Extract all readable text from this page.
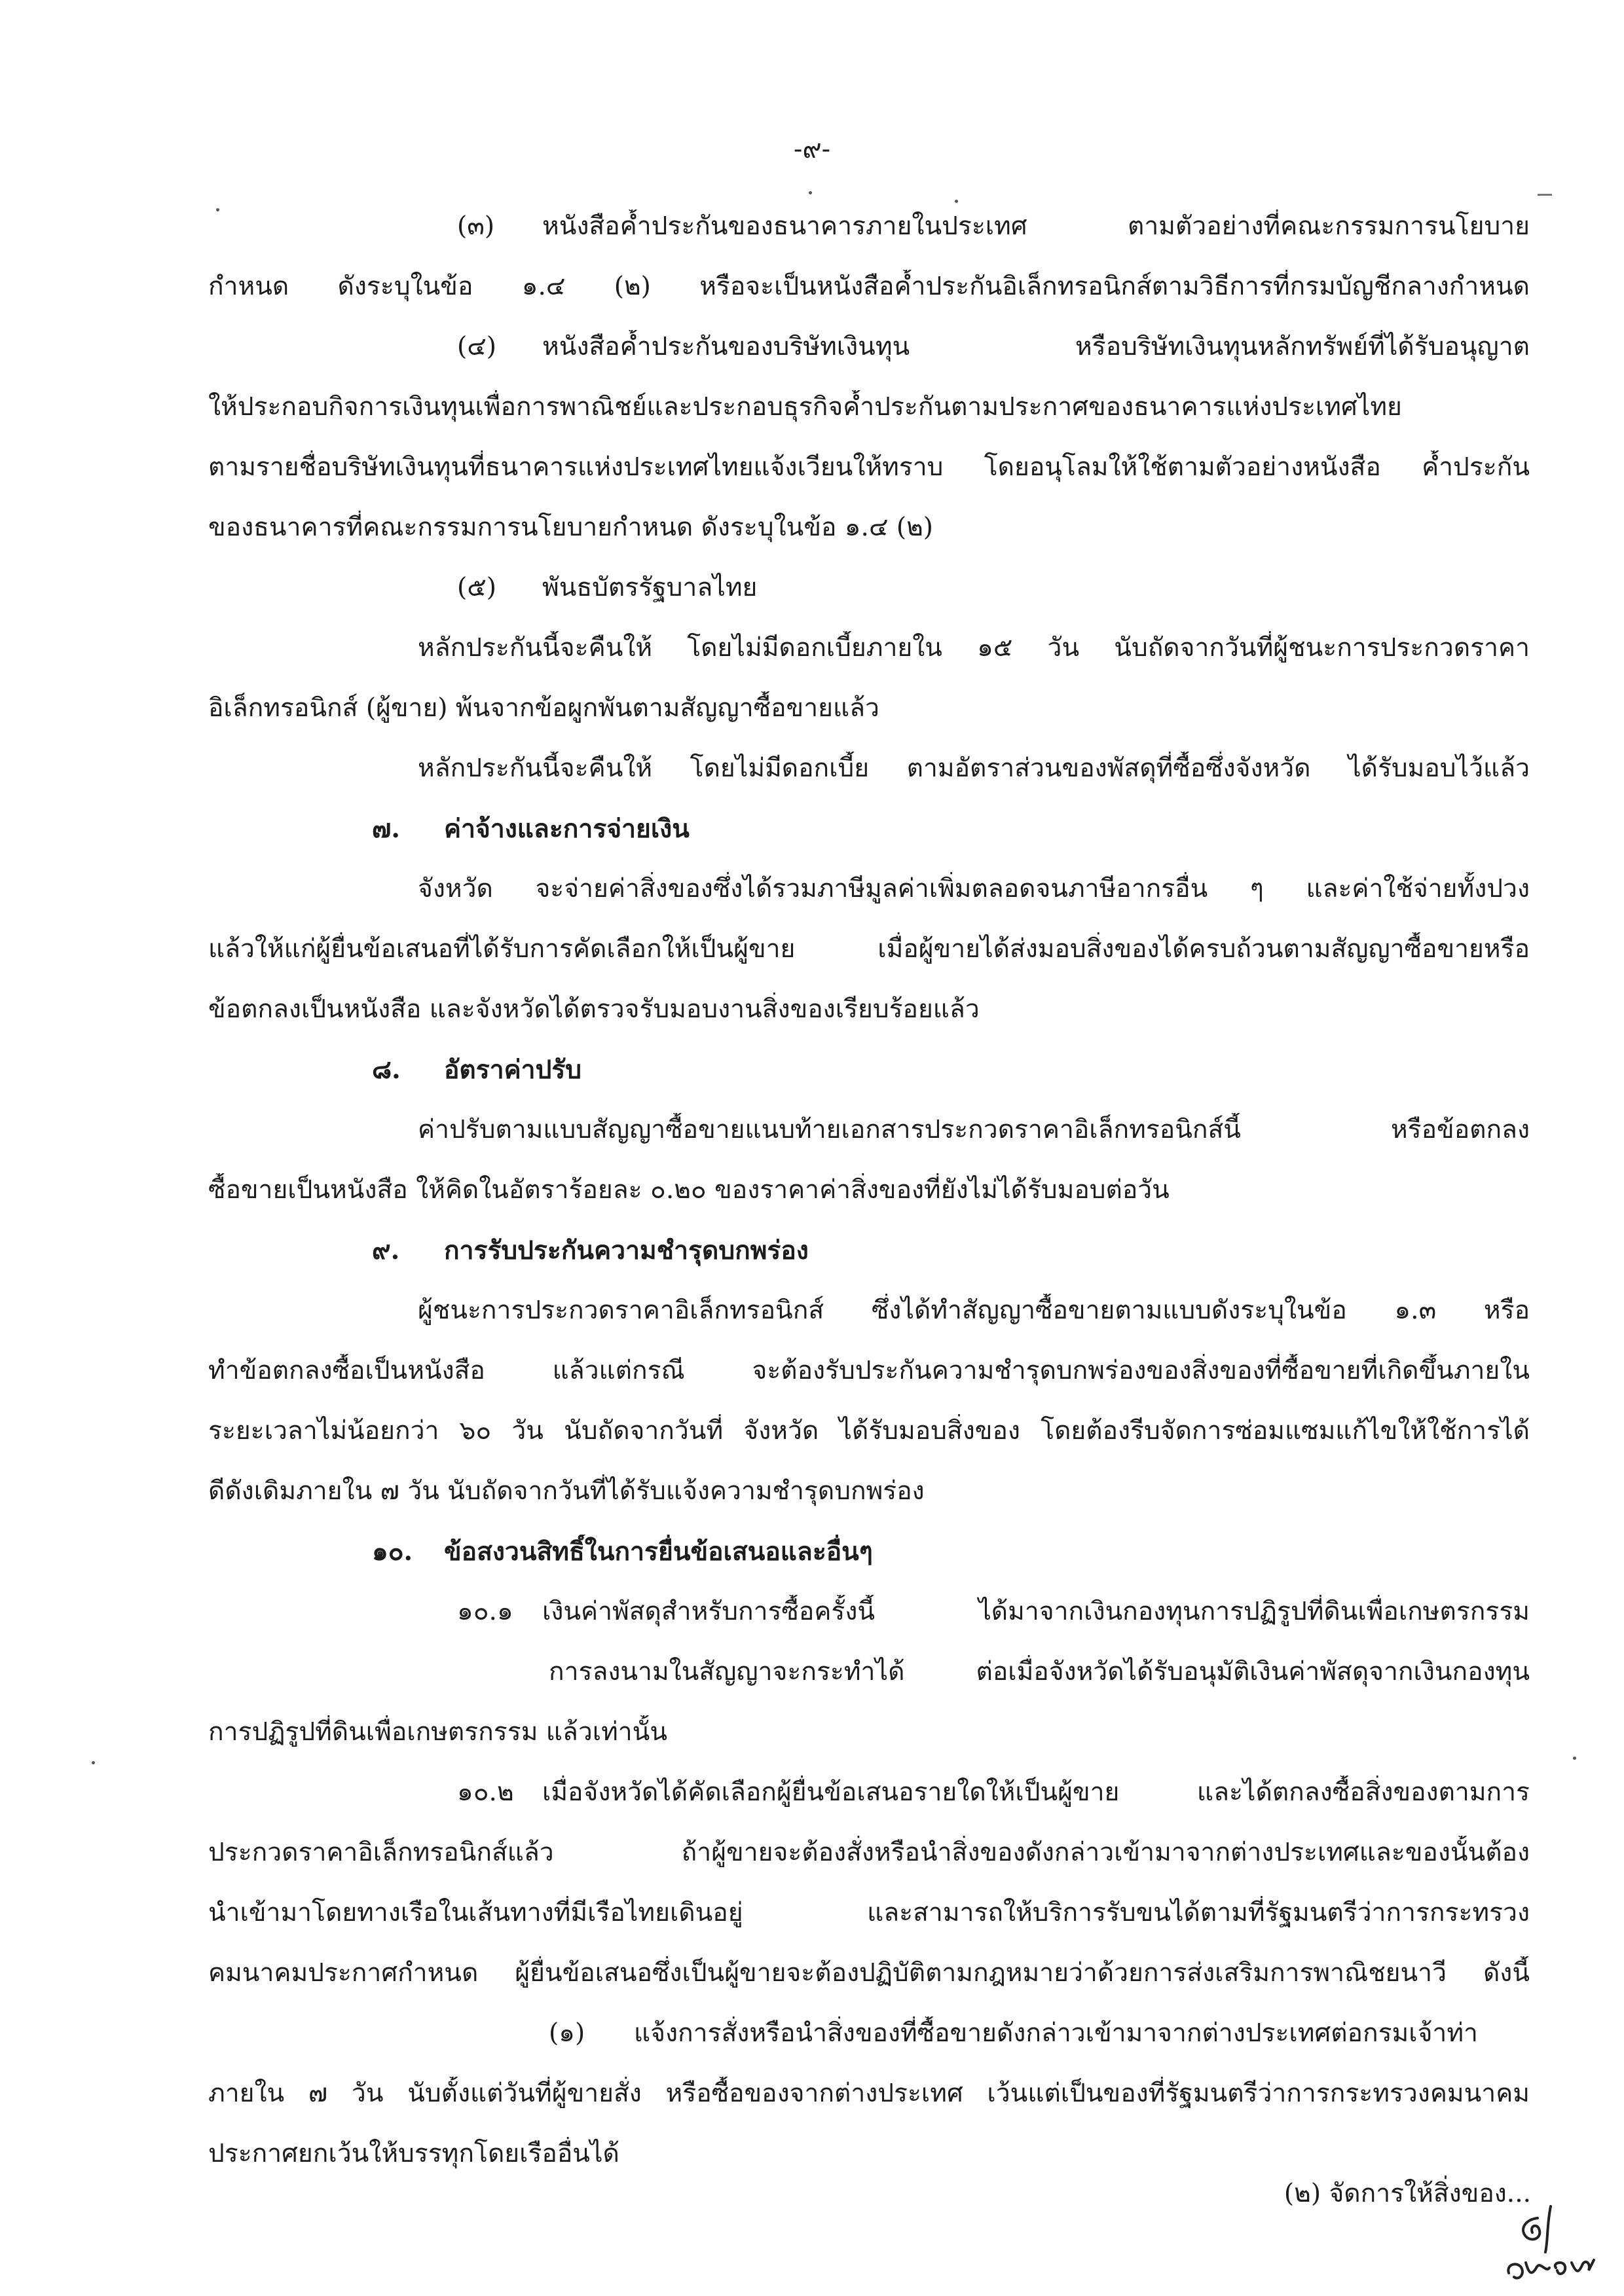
-๙-
(๓) หนังสือค้ำประกันของธนาคารภายในประเทศ ตามตัวอย่างที่คณะกรรมการนโยบาย
กำหนด ดังระบุในข้อ ๑.๔ (๒) หรือจะเป็นหนังสือค้ำประกันอิเล็กทรอนิกส์ตามวิธีการที่กรมบัญชีกลางกำหนด
(๔) หนังสือค้ำประกันของบริษัทเงินทุน หรือบริษัทเงินทุนหลักทรัพย์ที่ได้รับอนุญาต
ให้ประกอบกิจการเงินทุนเพื่อการพาณิชย์และประกอบธุรกิจค้ำประกันตามประกาศของธนาคารแห่งประเทศไทย
ตามรายชื่อบริษัทเงินทุนที่ธนาคารแห่งประเทศไทยแจ้งเวียนให้ทราบ โดยอนุโลมให้ใช้ตามตัวอย่างหนังสือ ค้ำประกัน
ของธนาคารที่คณะกรรมการนโยบายกำหนด ดังระบุในข้อ ๑.๔ (๒)
(๕) พันธบัตรรัฐบาลไทย
หลักประกันนี้จะคืนให้ โดยไม่มีดอกเบี้ยภายใน ๑๕ วัน นับถัดจากวันที่ผู้ชนะการประกวดราคา
อิเล็กทรอนิกส์ (ผู้ขาย) พ้นจากข้อผูกพันตามสัญญาซื้อขายแล้ว
หลักประกันนี้จะคืนให้ โดยไม่มีดอกเบี้ย ตามอัตราส่วนของพัสดุที่ซื้อซึ่งจังหวัด ได้รับมอบไว้แล้ว
๗. ค่าจ้างและการจ่ายเงิน
จังหวัด จะจ่ายค่าสิ่งของซึ่งได้รวมภาษีมูลค่าเพิ่มตลอดจนภาษีอากรอื่น ๆ และค่าใช้จ่ายทั้งปวง
แล้วให้แก่ผู้ยื่นข้อเสนอที่ได้รับการคัดเลือกให้เป็นผู้ขาย เมื่อผู้ขายได้ส่งมอบสิ่งของได้ครบถ้วนตามสัญญาซื้อขายหรือ
ข้อตกลงเป็นหนังสือ และจังหวัดได้ตรวจรับมอบงานสิ่งของเรียบร้อยแล้ว
๘. อัตราค่าปรับ
ค่าปรับตามแบบสัญญาซื้อขายแนบท้ายเอกสารประกวดราคาอิเล็กทรอนิกส์นี้ หรือข้อตกลง
ซื้อขายเป็นหนังสือ ให้คิดในอัตราร้อยละ ๐.๒๐ ของราคาค่าสิ่งของที่ยังไม่ได้รับมอบต่อวัน
๙. การรับประกันความชำรุดบกพร่อง
ผู้ชนะการประกวดราคาอิเล็กทรอนิกส์ ซึ่งได้ทำสัญญาซื้อขายตามแบบดังระบุในข้อ ๑.๓ หรือ
ทำข้อตกลงซื้อเป็นหนังสือ แล้วแต่กรณี จะต้องรับประกันความชำรุดบกพร่องของสิ่งของที่ซื้อขายที่เกิดขึ้นภายใน
ระยะเวลาไม่น้อยกว่า ๖๐ วัน นับถัดจากวันที่ จังหวัด ได้รับมอบสิ่งของ โดยต้องรีบจัดการซ่อมแซมแก้ไขให้ใช้การได้
ดีดังเดิมภายใน ๗ วัน นับถัดจากวันที่ได้รับแจ้งความชำรุดบกพร่อง
๑๐. ข้อสงวนสิทธิ์ในการยื่นข้อเสนอและอื่นๆ
๑๐.๑ เงินค่าพัสดุสำหรับการซื้อครั้งนี้ ได้มาจากเงินกองทุนการปฏิรูปที่ดินเพื่อเกษตรกรรม
การลงนามในสัญญาจะกระทำได้ ต่อเมื่อจังหวัดได้รับอนุมัติเงินค่าพัสดุจากเงินกองทุน
การปฏิรูปที่ดินเพื่อเกษตรกรรม แล้วเท่านั้น
๑๐.๒ เมื่อจังหวัดได้คัดเลือกผู้ยื่นข้อเสนอรายใดให้เป็นผู้ขาย และได้ตกลงซื้อสิ่งของตามการ
ประกวดราคาอิเล็กทรอนิกส์แล้ว ถ้าผู้ขายจะต้องสั่งหรือนำสิ่งของดังกล่าวเข้ามาจากต่างประเทศและของนั้นต้อง
นำเข้ามาโดยทางเรือในเส้นทางที่มีเรือไทยเดินอยู่ และสามารถให้บริการรับขนได้ตามที่รัฐมนตรีว่าการกระทรวง
คมนาคมประกาศกำหนด ผู้ยื่นข้อเสนอซึ่งเป็นผู้ขายจะต้องปฏิบัติตามกฎหมายว่าด้วยการส่งเสริมการพาณิชยนาวี ดังนี้
(๑) แจ้งการสั่งหรือนำสิ่งของที่ซื้อขายดังกล่าวเข้ามาจากต่างประเทศต่อกรมเจ้าท่า
ภายใน ๗ วัน นับตั้งแต่วันที่ผู้ขายสั่ง หรือซื้อของจากต่างประเทศ เว้นแต่เป็นของที่รัฐมนตรีว่าการกระทรวงคมนาคม
ประกาศยกเว้นให้บรรทุกโดยเรืออื่นได้
(๒) จัดการให้สิ่งของ...
